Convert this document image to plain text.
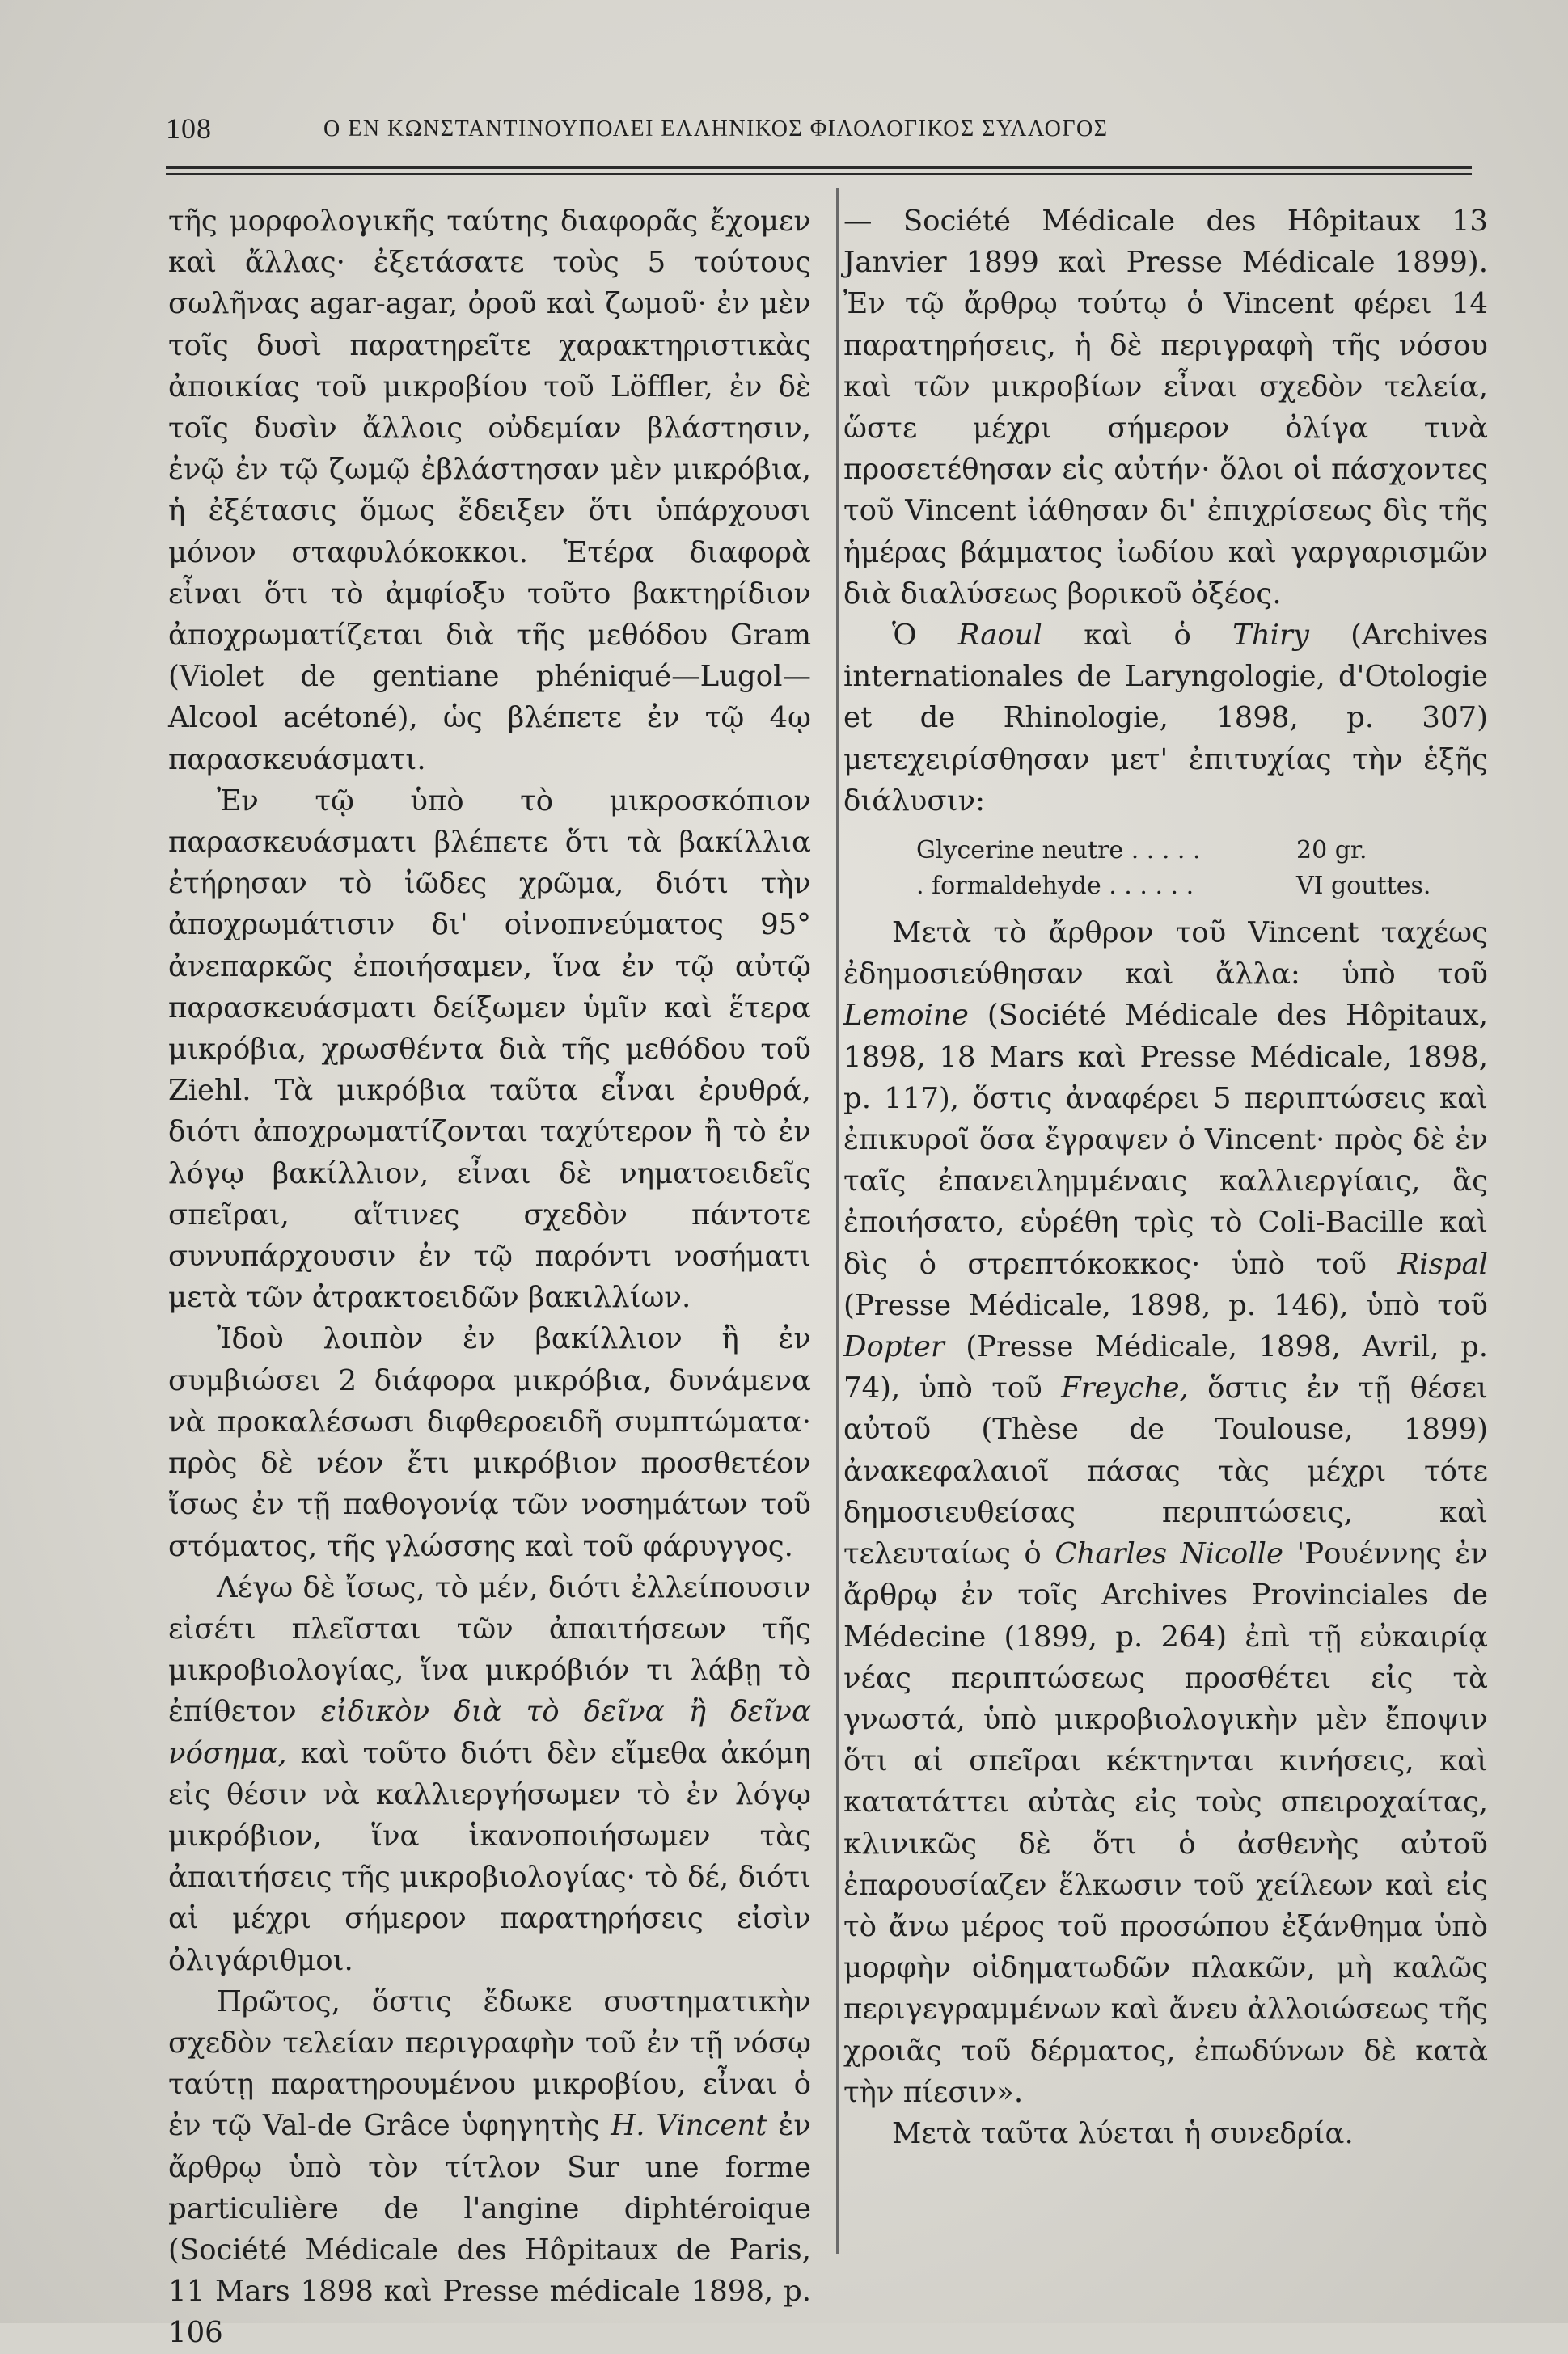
108	Ο ΕΝ ΚΩΝΣΤΑΝΤΙΝΟΥΠΟΛΕΙ ΕΛΛΗΝΙΚΟΣ ΦΙΛΟΛΟΓΙΚΟΣ ΣΥΛΛΟΓΟΣ

τῆς μορφολογικῆς ταύτης διαφορᾶς ἔχομεν καὶ ἄλλας· ἐξετάσατε τοὺς 5 τούτους σωλῆνας agar-agar, ὀροῦ καὶ ζωμοῦ· ἐν μὲν τοῖς δυσὶ παρατηρεῖτε χαρακτηριστικὰς ἀποικίας τοῦ μικροβίου τοῦ Löffler, ἐν δὲ τοῖς δυσὶν ἄλλοις οὐδεμίαν βλάστησιν, ἐνῷ ἐν τῷ ζωμῷ ἐβλάστησαν μὲν μικρόβια, ἡ ἐξέτασις ὅμως ἔδειξεν ὅτι ὑπάρχουσι μόνον σταφυλόκοκκοι. Ἑτέρα διαφορὰ εἶναι ὅτι τὸ ἀμφίοξυ τοῦτο βακτηρίδιον ἀποχρωματίζεται διὰ τῆς μεθόδου Gram (Violet de gentiane phéniqué—Lugol—Alcool acétoné), ὡς βλέπετε ἐν τῷ 4ῳ παρασκευάσματι.

Ἐν τῷ ὑπὸ τὸ μικροσκόπιον παρασκευάσματι βλέπετε ὅτι τὰ βακίλλια ἐτήρησαν τὸ ἰῶδες χρῶμα, διότι τὴν ἀποχρωμάτισιν δι' οἰνοπνεύματος 95° ἀνεπαρκῶς ἐποιήσαμεν, ἵνα ἐν τῷ αὐτῷ παρασκευάσματι δείξωμεν ὑμῖν καὶ ἕτερα μικρόβια, χρωσθέντα διὰ τῆς μεθόδου τοῦ Ziehl. Τὰ μικρόβια ταῦτα εἶναι ἐρυθρά, διότι ἀποχρωματίζονται ταχύτερον ἢ τὸ ἐν λόγῳ βακίλλιον, εἶναι δὲ νηματοειδεῖς σπεῖραι, αἵτινες σχεδὸν πάντοτε συνυπάρχουσιν ἐν τῷ παρόντι νοσήματι μετὰ τῶν ἀτρακτοειδῶν βακιλλίων.

Ἰδοὺ λοιπὸν ἐν βακίλλιον ἢ ἐν συμβιώσει 2 διάφορα μικρόβια, δυνάμενα νὰ προκαλέσωσι διφθεροειδῆ συμπτώματα· πρὸς δὲ νέον ἔτι μικρόβιον προσθετέον ἴσως ἐν τῇ παθογονίᾳ τῶν νοσημάτων τοῦ στόματος, τῆς γλώσσης καὶ τοῦ φάρυγγος.

Λέγω δὲ ἴσως, τὸ μέν, διότι ἐλλείπουσιν εἰσέτι πλεῖσται τῶν ἀπαιτήσεων τῆς μικροβιολογίας, ἵνα μικρόβιόν τι λάβῃ τὸ ἐπίθετον εἰδικὸν διὰ τὸ δεῖνα ἢ δεῖνα νόσημα, καὶ τοῦτο διότι δὲν εἴμεθα ἀκόμη εἰς θέσιν νὰ καλλιεργήσωμεν τὸ ἐν λόγῳ μικρόβιον, ἵνα ἱκανοποιήσωμεν τὰς ἀπαιτήσεις τῆς μικροβιολογίας· τὸ δέ, διότι αἱ μέχρι σήμερον παρατηρήσεις εἰσὶν ὀλιγάριθμοι.

Πρῶτος, ὅστις ἔδωκε συστηματικὴν σχεδὸν τελείαν περιγραφὴν τοῦ ἐν τῇ νόσῳ ταύτῃ παρατηρουμένου μικροβίου, εἶναι ὁ ἐν τῷ Val-de Grâce ὑφηγητὴς H. Vincent ἐν ἄρθρῳ ὑπὸ τὸν τίτλον Sur une forme particulière de l'angine diphtéroique (Société Médicale des Hôpitaux de Paris, 11 Mars 1898 καὶ Presse médicale 1898, p. 106

— Société Médicale des Hôpitaux 13 Janvier 1899 καὶ Presse Médicale 1899). Ἐν τῷ ἄρθρῳ τούτῳ ὁ Vincent φέρει 14 παρατηρήσεις, ἡ δὲ περιγραφὴ τῆς νόσου καὶ τῶν μικροβίων εἶναι σχεδὸν τελεία, ὥστε μέχρι σήμερον ὀλίγα τινὰ προσετέθησαν εἰς αὐτήν· ὅλοι οἱ πάσχοντες τοῦ Vincent ἰάθησαν δι' ἐπιχρίσεως δὶς τῆς ἡμέρας βάμματος ἰωδίου καὶ γαργαρισμῶν διὰ διαλύσεως βορικοῦ ὀξέος.

Ὁ Raoul καὶ ὁ Thiry (Archives internationales de Laryngologie, d'Otologie et de Rhinologie, 1898, p. 307) μετεχειρίσθησαν μετ' ἐπιτυχίας τὴν ἑξῆς διάλυσιν:

Glycerine neutre . . . . .	20 gr.
. formaldehyde . . . . . .	VI gouttes.

Μετὰ τὸ ἄρθρον τοῦ Vincent ταχέως ἐδημοσιεύθησαν καὶ ἄλλα: ὑπὸ τοῦ Lemoine (Société Médicale des Hôpitaux, 1898, 18 Mars καὶ Presse Médicale, 1898, p. 117), ὅστις ἀναφέρει 5 περιπτώσεις καὶ ἐπικυροῖ ὅσα ἔγραψεν ὁ Vincent· πρὸς δὲ ἐν ταῖς ἐπανειλημμέναις καλλιεργίαις, ἃς ἐποιήσατο, εὑρέθη τρὶς τὸ Coli-Bacille καὶ δὶς ὁ στρεπτόκοκκος· ὑπὸ τοῦ Rispal (Presse Médicale, 1898, p. 146), ὑπὸ τοῦ Dopter (Presse Médicale, 1898, Avril, p. 74), ὑπὸ τοῦ Freyche, ὅστις ἐν τῇ θέσει αὐτοῦ (Thèse de Toulouse, 1899) ἀνακεφαλαιοῖ πάσας τὰς μέχρι τότε δημοσιευθείσας περιπτώσεις, καὶ τελευταίως ὁ Charles Nicolle 'Ρουέννης ἐν ἄρθρῳ ἐν τοῖς Archives Provinciales de Médecine (1899, p. 264) ἐπὶ τῇ εὐκαιρίᾳ νέας περιπτώσεως προσθέτει εἰς τὰ γνωστά, ὑπὸ μικροβιολογικὴν μὲν ἔποψιν ὅτι αἱ σπεῖραι κέκτηνται κινήσεις, καὶ κατατάττει αὐτὰς εἰς τοὺς σπειροχαίτας, κλινικῶς δὲ ὅτι ὁ ἀσθενὴς αὐτοῦ ἐπαρουσίαζεν ἕλκωσιν τοῦ χείλεων καὶ εἰς τὸ ἄνω μέρος τοῦ προσώπου ἐξάνθημα ὑπὸ μορφὴν οἰδηματωδῶν πλακῶν, μὴ καλῶς περιγεγραμμένων καὶ ἄνευ ἀλλοιώσεως τῆς χροιᾶς τοῦ δέρματος, ἐπωδύνων δὲ κατὰ τὴν πίεσιν».

Μετὰ ταῦτα λύεται ἡ συνεδρία.
